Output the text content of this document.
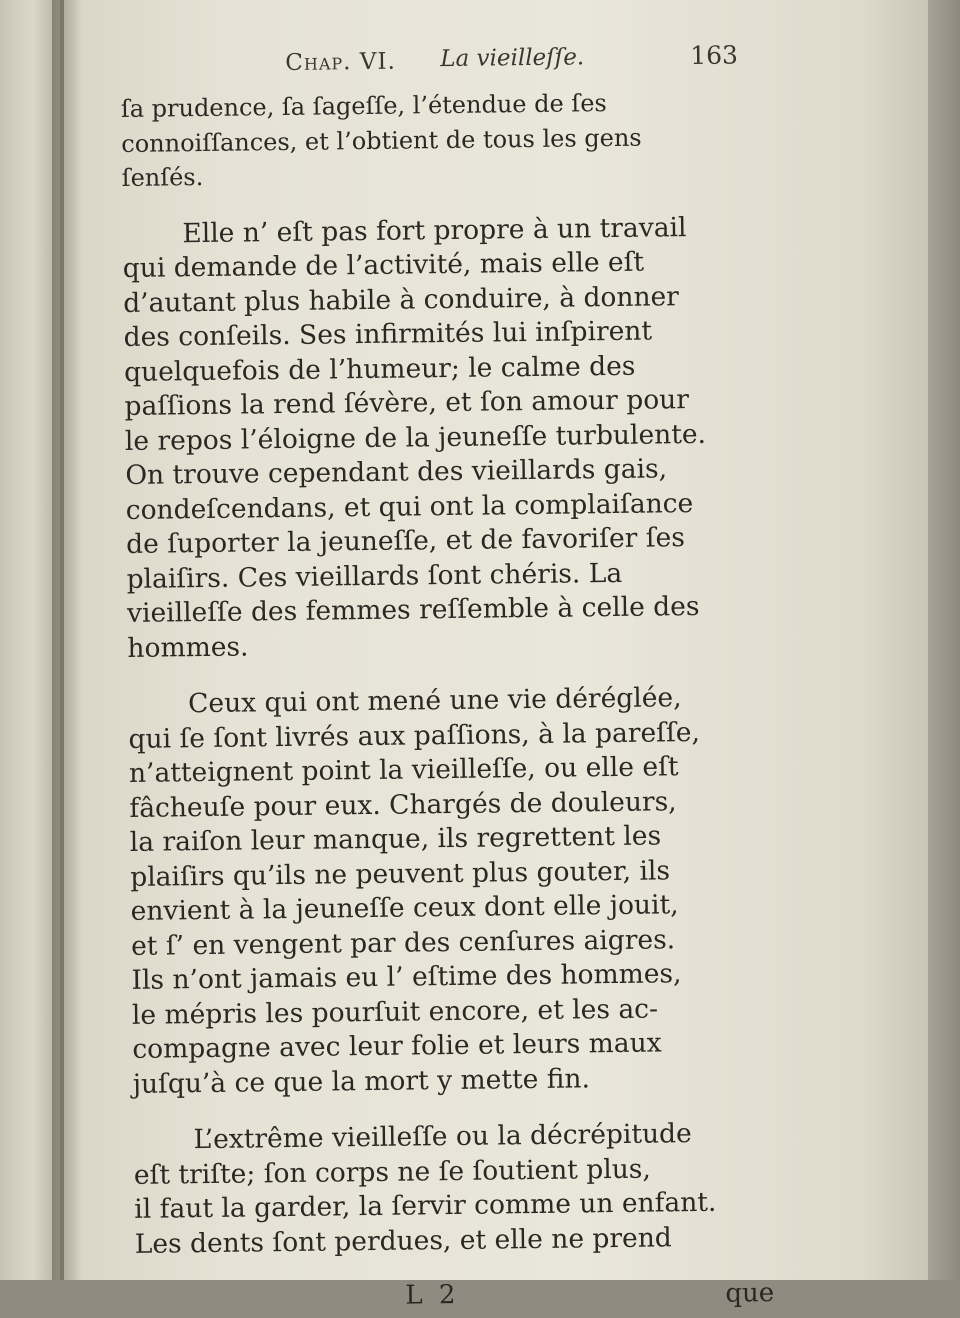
Chap. VI. La vieilleſſe.	163
ſa prudence, ſa ſageſſe, l’étendue de ſes
connoiſſances, et l’obtient de tous les gens
ſenſés.
Elle n’ eſt pas fort propre à un travail
qui demande de l’activité, mais elle eſt
d’autant plus habile à conduire, à donner
des conſeils. Ses infirmités lui inſpirent
quelquefois de l’humeur; le calme des
paſſions la rend ſévère, et ſon amour pour
le repos l’éloigne de la jeuneſſe turbulente.
On trouve cependant des vieillards gais,
condeſcendans, et qui ont la complaiſance
de ſuporter la jeuneſſe, et de favoriſer ſes
plaiſirs. Ces vieillards ſont chéris. La
vieilleſſe des femmes reſſemble à celle des
hommes.
Ceux qui ont mené une vie déréglée,
qui ſe ſont livrés aux paſſions, à la pareſſe,
n’atteignent point la vieilleſſe, ou elle eſt
fâcheuſe pour eux. Chargés de douleurs,
la raiſon leur manque, ils regrettent les
plaiſirs qu’ils ne peuvent plus gouter, ils
envient à la jeuneſſe ceux dont elle jouit,
et ſ’ en vengent par des cenſures aigres.
Ils n’ont jamais eu l’ eſtime des hommes,
le mépris les pourſuit encore, et les ac-
compagne avec leur folie et leurs maux
juſqu’à ce que la mort y mette fin.
L’extrême vieilleſſe ou la décrépitude
eſt triſte; ſon corps ne ſe ſoutient plus,
il faut la garder, la ſervir comme un enfant.
Les dents ſont perdues, et elle ne prend
L 2	que
